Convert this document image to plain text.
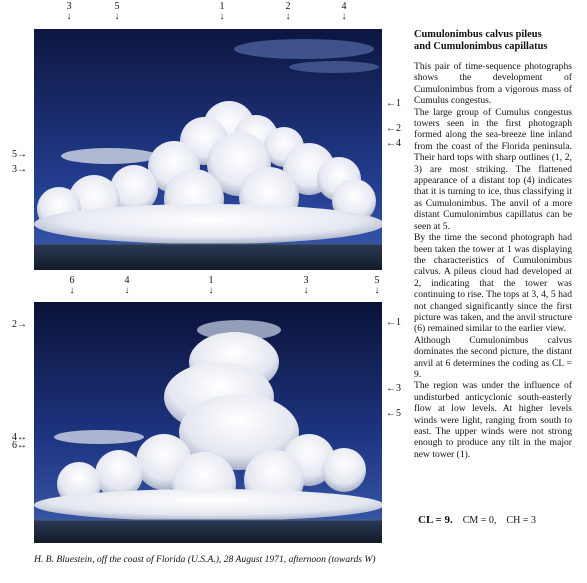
3
↓
5
↓
1
↓
2
↓
4
↓
←1
←2
←4
5→
3→
6
↓
4
↓
1
↓
3
↓
5
↓
←1
←3
←5
2→
4↔
6↔
Cumulonimbus calvus pileus
and Cumulonimbus capillatus

This pair of time-sequence photographs shows the development of Cumulonimbus from a vigorous mass of Cumulus congestus.

The large group of Cumulus congestus towers seen in the first photograph formed along the sea-breeze line inland from the coast of the Florida peninsula. Their hard tops with sharp outlines (1, 2, 3) are most striking. The flattened appearance of a distant top (4) indicates that it is turning to ice, thus classifying it as Cumulonimbus. The anvil of a more distant Cumulonimbus capillatus can be seen at 5.

By the time the second photograph had been taken the tower at 1 was displaying the characteristics of Cumulonimbus calvus. A pileus cloud had developed at 2, indicating that the tower was continuing to rise. The tops at 3, 4, 5 had not changed significantly since the first picture was taken, and the anvil structure (6) remained similar to the earlier view.

Although Cumulonimbus calvus dominates the second picture, the distant anvil at 6 determines the coding as CL = 9.

The region was under the influence of undisturbed anticyclonic south-easterly flow at low levels. At higher levels winds were light, ranging from south to east. The upper winds were not strong enough to produce any tilt in the major new tower (1).

CL = 9. CM = 0, CH = 3
H. B. Bluestein, off the coast of Florida (U.S.A.), 28 August 1971, afternoon (towards W)
